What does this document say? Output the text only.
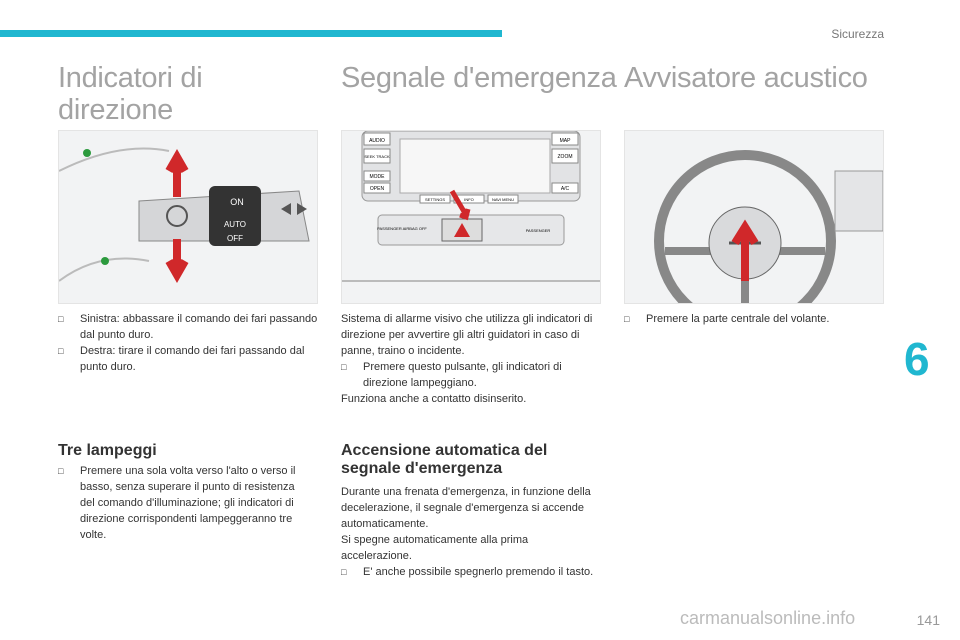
Sicurezza
Indicatori di
direzione
ON
AUTO
OFF
□	Sinistra: abbassare il comando dei fari passando dal punto duro.
□	Destra: tirare il comando dei fari passando dal punto duro.
Tre lampeggi
□	Premere una sola volta verso l'alto o verso il basso, senza superare il punto di resistenza del comando d'illuminazione; gli indicatori di direzione corrispondenti lampeggeranno tre volte.
Segnale d'emergenza
AUDIO
SEEK TRACK
MODE
OPEN
MAP
ZOOM
A/C
SETTINGS	INFO	NAVI MENU
PASSENGER AIRBAG OFF	PASSENGER
Sistema di allarme visivo che utilizza gli indicatori di direzione per avvertire gli altri guidatori in caso di panne, traino o incidente.
□	Premere questo pulsante, gli indicatori di direzione lampeggiano.
Funziona anche a contatto disinserito.
Accensione automatica del
segnale d'emergenza
Durante una frenata d'emergenza, in funzione della decelerazione, il segnale d'emergenza si accende automaticamente.
Si spegne automaticamente alla prima accelerazione.
□	E' anche possibile spegnerlo premendo il tasto.
Avvisatore acustico
□	Premere la parte centrale del volante.
6
carmanualsonline.info	141
